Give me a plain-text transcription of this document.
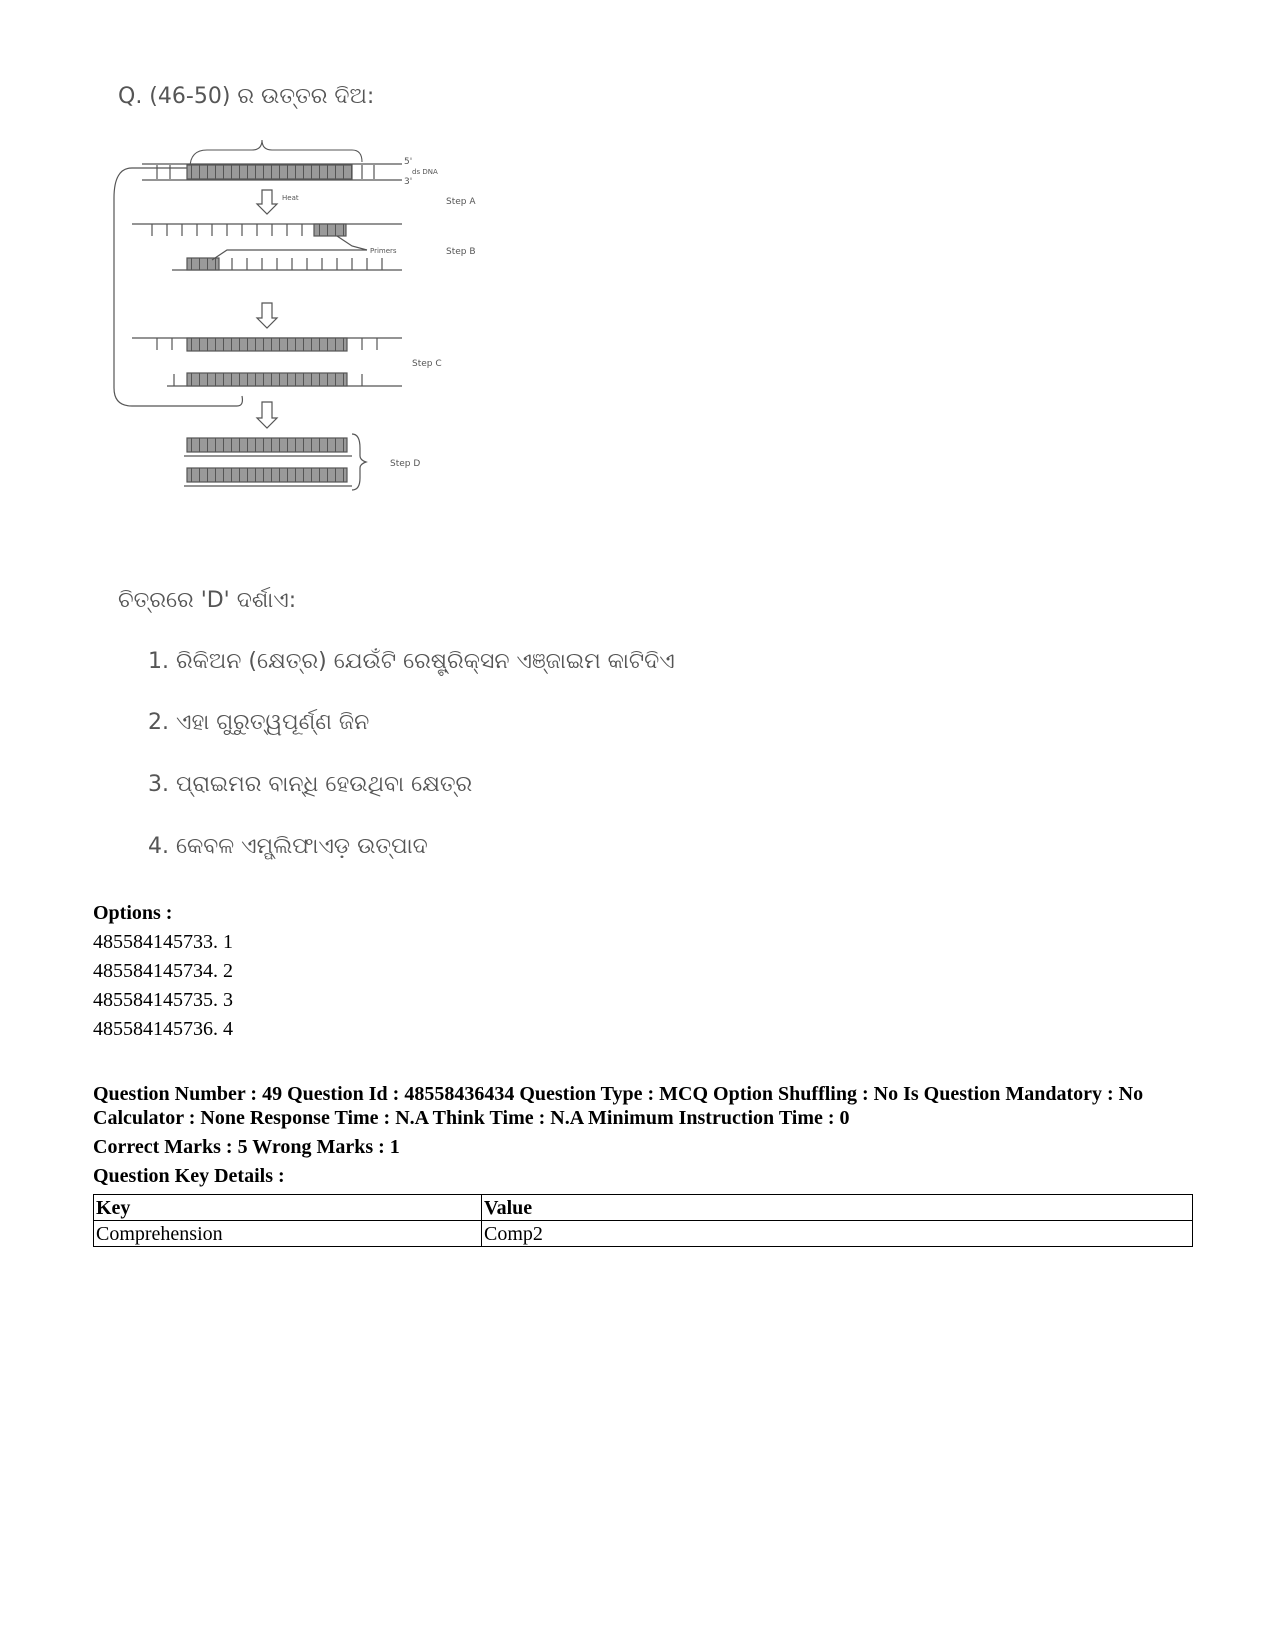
Q. (46-50) ର ଉତ୍ତର ଦିଅ:
5'
3'
ds DNA
Heat	Step A
Primers	Step B
Step C
Step D
ଚିତ୍ରରେ 'D' ଦର୍ଶାଏ:
1. ରିକିଅନ (କ୍ଷେତ୍ର) ଯେଉଁଟି ରେଷ୍ଟ୍ରିକ୍‌ସନ ଏଞ୍ଜାଇମ କାଟିଦିଏ
2. ଏହା ଗୁରୁତ୍ୱପୂର୍ଣ୍ଣ ଜିନ
3. ପ୍ରାଇମର ବାନ୍ଧି ହେଉଥିବା କ୍ଷେତ୍ର
4. କେବଳ ଏମ୍ପ୍ଲିଫାଏଡ଼ ଉତ୍ପାଦ
Options :
485584145733. 1
485584145734. 2
485584145735. 3
485584145736. 4
Question Number : 49 Question Id : 48558436434 Question Type : MCQ Option Shuffling : No Is Question Mandatory : No Calculator : None Response Time : N.A Think Time : N.A Minimum Instruction Time : 0
Correct Marks : 5 Wrong Marks : 1
Question Key Details :
Key	Value
Comprehension	Comp2
